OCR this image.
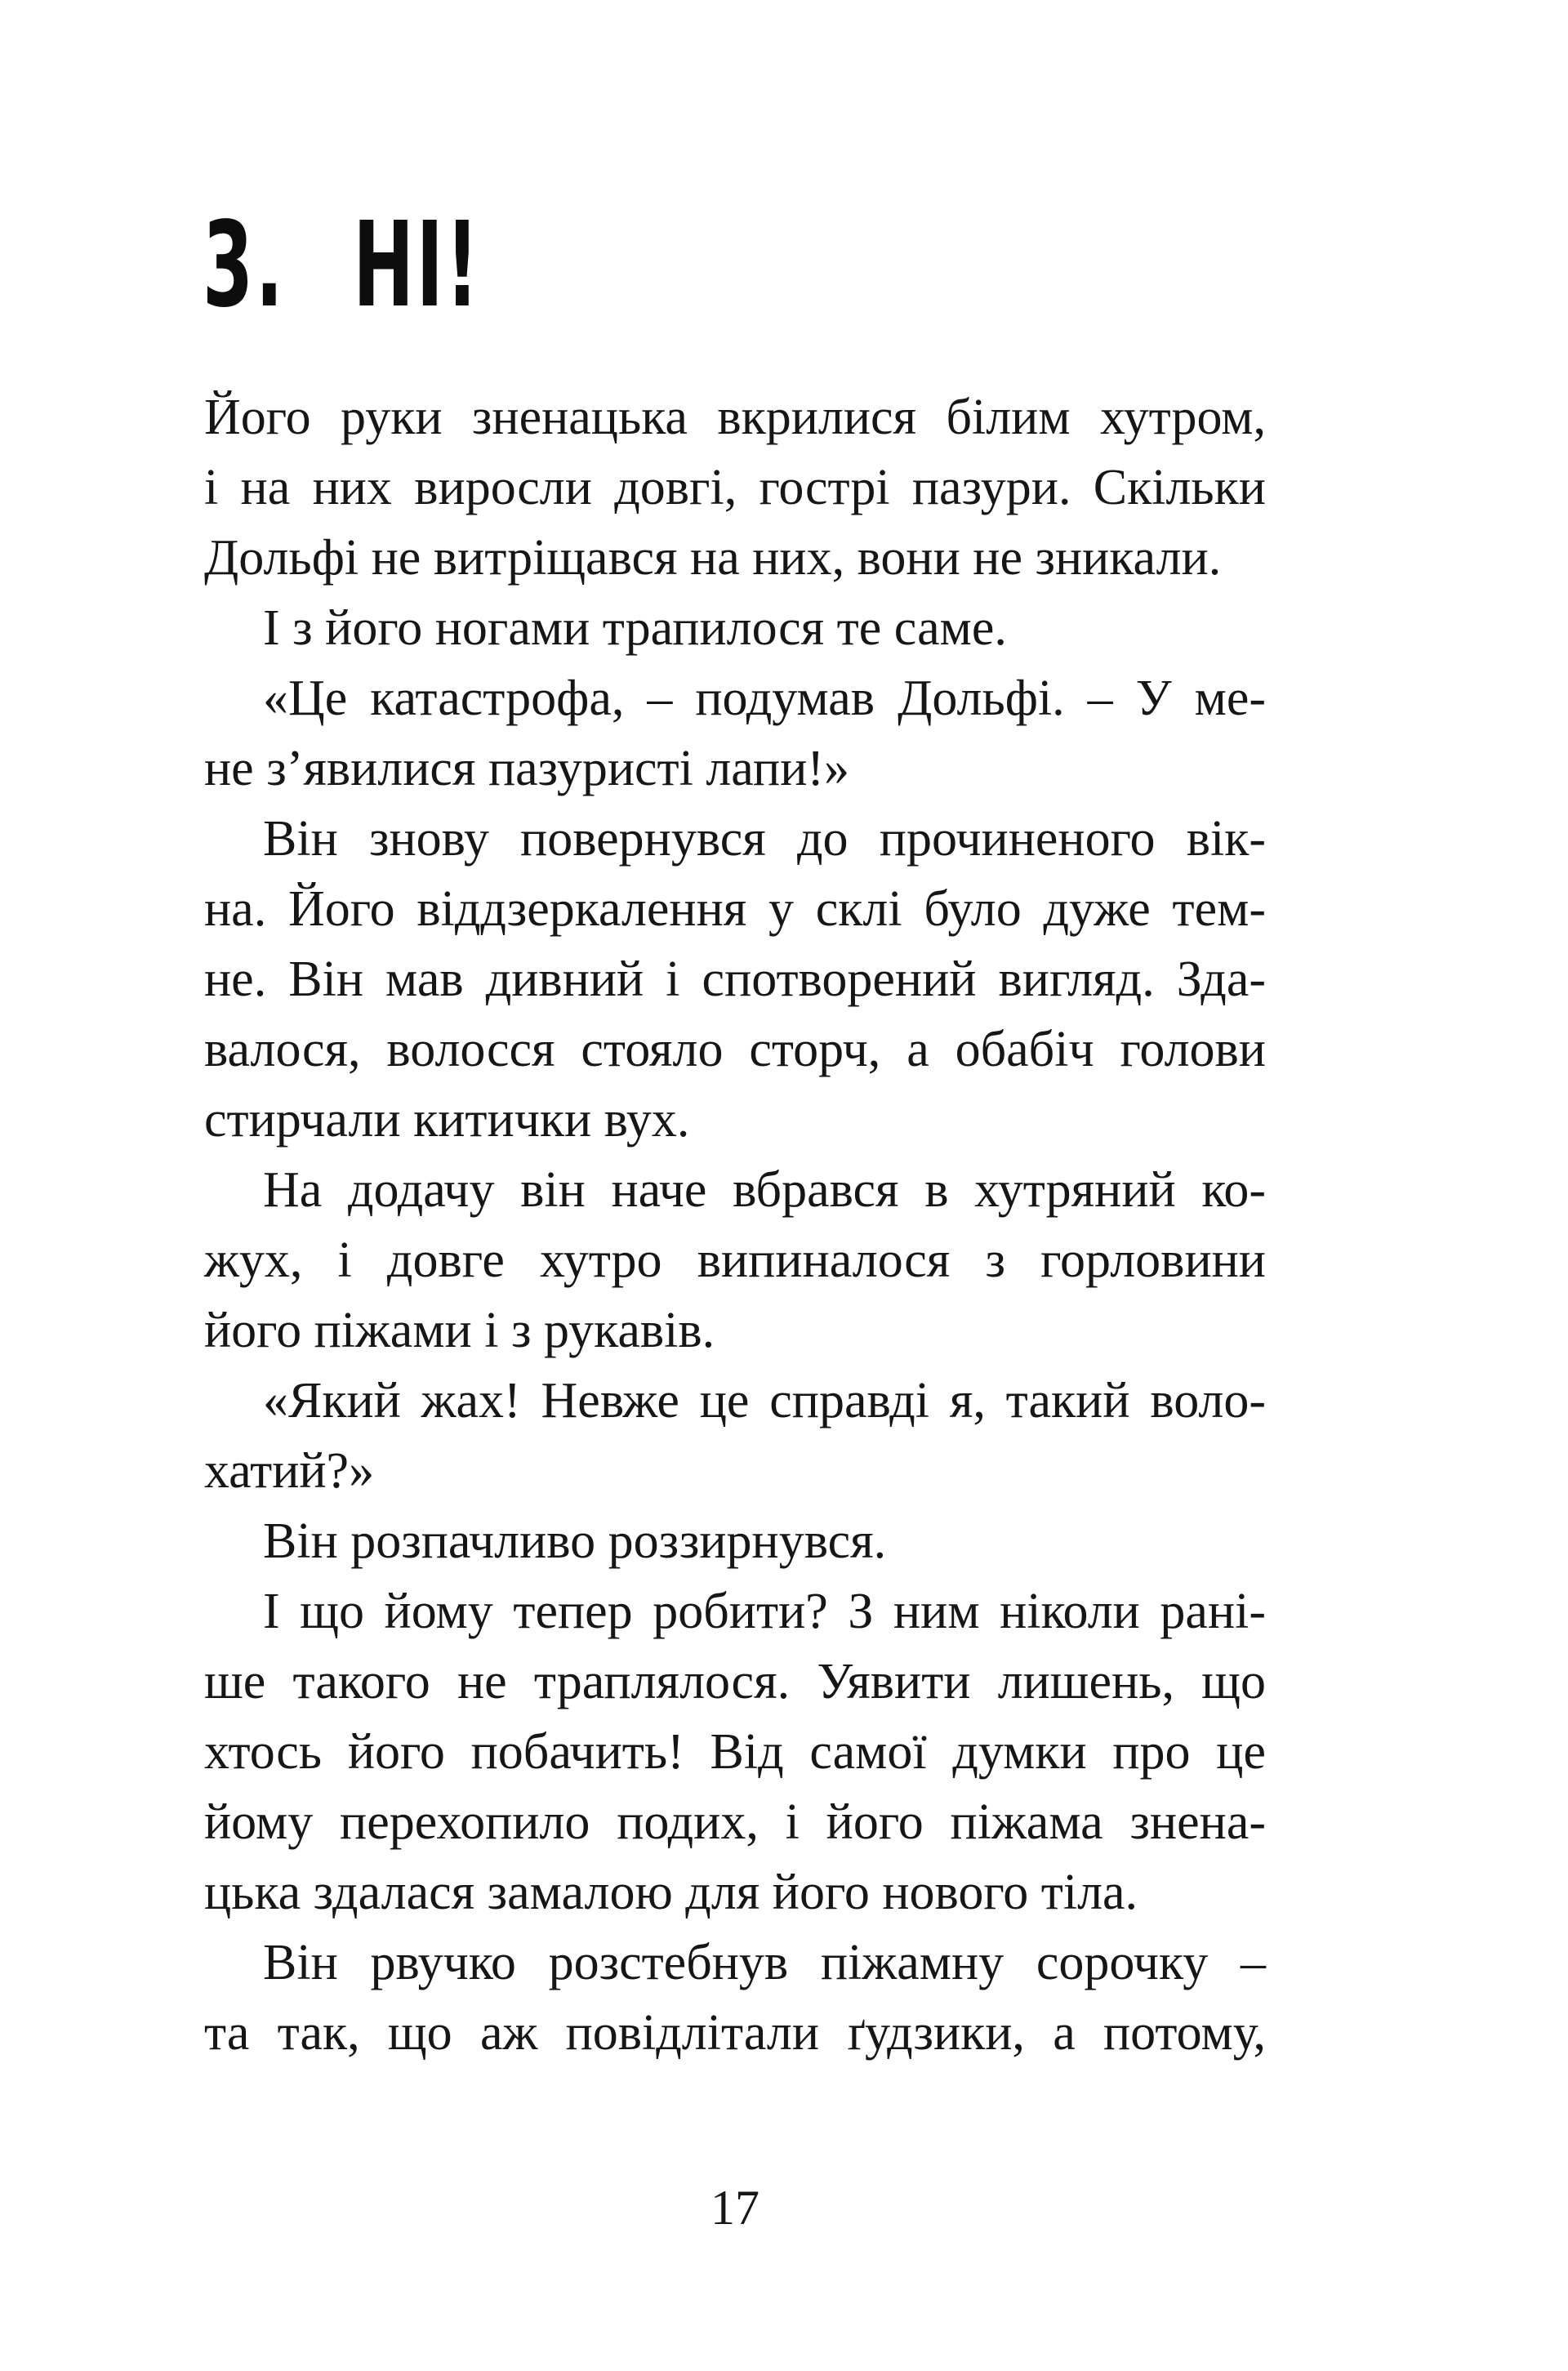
3. НІ!
Його руки зненацька вкрилися білим хутром,
і на них виросли довгі, гострі пазури. Скільки
Дольфі не витріщався на них, вони не зникали.
І з його ногами трапилося те саме.
«Це катастрофа, – подумав Дольфі. – У ме-
не з’явилися пазуристі лапи!»
Він знову повернувся до прочиненого вік-
на. Його віддзеркалення у склі було дуже тем-
не. Він мав дивний і спотворений вигляд. Зда-
валося, волосся стояло сторч, а обабіч голови
стирчали китички вух.
На додачу він наче вбрався в хутряний ко-
жух, і довге хутро випиналося з горловини
його піжами і з рукавів.
«Який жах! Невже це справді я, такий воло-
хатий?»
Він розпачливо роззирнувся.
І що йому тепер робити? З ним ніколи рані-
ше такого не траплялося. Уявити лишень, що
хтось його побачить! Від самої думки про це
йому перехопило подих, і його піжама знена-
цька здалася замалою для його нового тіла.
Він рвучко розстебнув піжамну сорочку –
та так, що аж повідлітали ґудзики, а потому,
17
